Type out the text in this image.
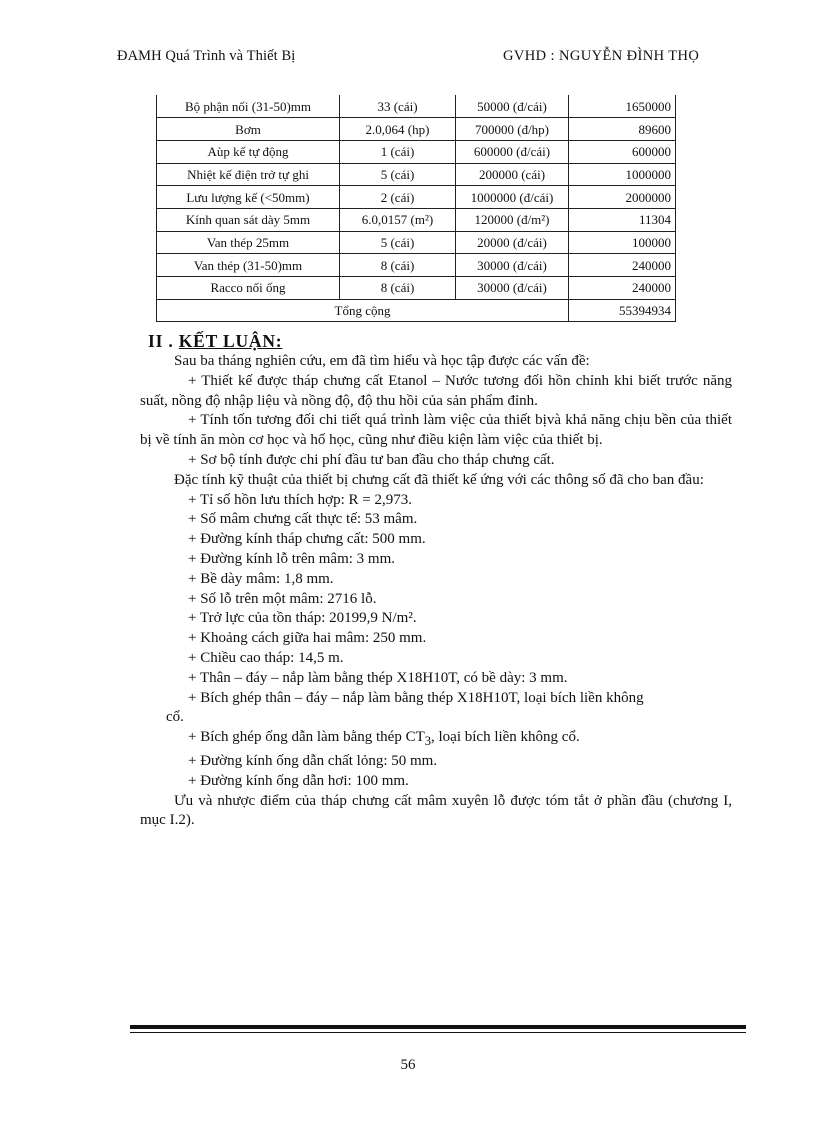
ĐAMH Quá Trình và Thiết Bị	GVHD : NGUYỄN ĐÌNH THỌ
Bộ phận nối (31-50)mm	33 (cái)	50000 (đ/cái)	1650000
Bơm	2.0,064 (hp)	700000 (đ/hp)	89600
Aùp kế tự động	1 (cái)	600000 (đ/cái)	600000
Nhiệt kế điện trở tự ghi	5 (cái)	200000 (cái)	1000000
Lưu lượng kế (<50mm)	2 (cái)	1000000 (đ/cái)	2000000
Kính quan sát dày 5mm	6.0,0157 (m²)	120000 (đ/m²)	11304
Van thép 25mm	5 (cái)	20000 (đ/cái)	100000
Van thép (31-50)mm	8 (cái)	30000 (đ/cái)	240000
Racco nối ống	8 (cái)	30000 (đ/cái)	240000
Tổng cộng			55394934
II . KẾT LUẬN:

Sau ba tháng nghiên cứu, em đã tìm hiểu và học tập được các vấn đề:

+ Thiết kế được tháp chưng cất Etanol – Nước tương đối hồn chỉnh khi biết trước năng suất, nồng độ nhập liệu và nồng độ, độ thu hồi của sản phẩm đỉnh.

+ Tính tốn tương đối chi tiết quá trình làm việc của thiết bịvà khả năng chịu bền của thiết bị về tính ăn mòn cơ học và hố học, cũng như điều kiện làm việc của thiết bị.

+ Sơ bộ tính được chi phí đầu tư ban đầu cho tháp chưng cất.

Đặc tính kỹ thuật của thiết bị chưng cất đã thiết kế ứng với các thông số đã cho ban đầu:

+ Tỉ số hồn lưu thích hợp: R = 2,973.

+ Số mâm chưng cất thực tế: 53 mâm.

+ Đường kính tháp chưng cất: 500 mm.

+ Đường kính lỗ trên mâm: 3 mm.

+ Bề dày mâm: 1,8 mm.

+ Số lỗ trên một mâm: 2716 lỗ.

+ Trở lực của tồn tháp: 20199,9 N/m².

+ Khoảng cách giữa hai mâm: 250 mm.

+ Chiều cao tháp: 14,5 m.

+ Thân – đáy – nắp làm bằng thép X18H10T, có bề dày: 3 mm.

+ Bích ghép thân – đáy – nắp làm bằng thép X18H10T, loại bích liền không

cổ.

+ Bích ghép ống dẫn làm bằng thép $CT_3$, loại bích liền không cổ.

+ Đường kính ống dẫn chất lỏng: 50 mm.

+ Đường kính ống dẫn hơi: 100 mm.

Ưu và nhược điểm của tháp chưng cất mâm xuyên lỗ được tóm tắt ở phần đầu (chương I, mục I.2).

56
